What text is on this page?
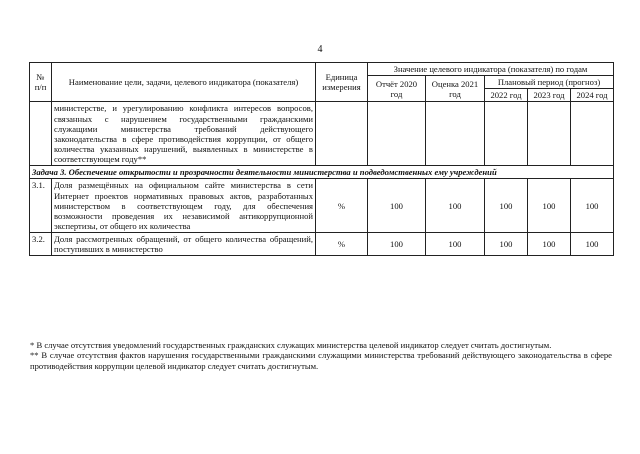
4
№ п/п	Наименование цели, задачи, целевого индикатора (показателя)	Единица измерения	Значение целевого индикатора (показателя) по годам				
			Отчёт 2020 год	Оценка 2021 год	Плановый период (прогноз)		
					2022 год	2023 год	2024 год
	министерстве, и урегулированию конфликта интересов вопросов, связанных с нарушением государственными гражданскими служащими министерства требований действующего законодательства в сфере противодействия коррупции, от общего количества указанных нарушений, выявленных в министерстве в соответствующем году**						
Задача 3. Обеспечение открытости и прозрачности деятельности министерства и подведомственных ему учреждений							
3.1.	Доля размещённых на официальном сайте министерства в сети Интернет проектов нормативных правовых актов, разработанных министерством в соответствующем году, для обеспечения возможности проведения их независимой антикоррупционной экспертизы, от общего их количества	%	100	100	100	100	100
3.2.	Доля рассмотренных обращений, от общего количества обращений, поступивших в министерство	%	100	100	100	100	100

* В случае отсутствия уведомлений государственных гражданских служащих министерства целевой индикатор следует считать достигнутым.

** В случае отсутствия фактов нарушения государственными гражданскими служащими министерства требований действующего законодательства в сфере противодействия коррупции целевой индикатор следует считать достигнутым.
